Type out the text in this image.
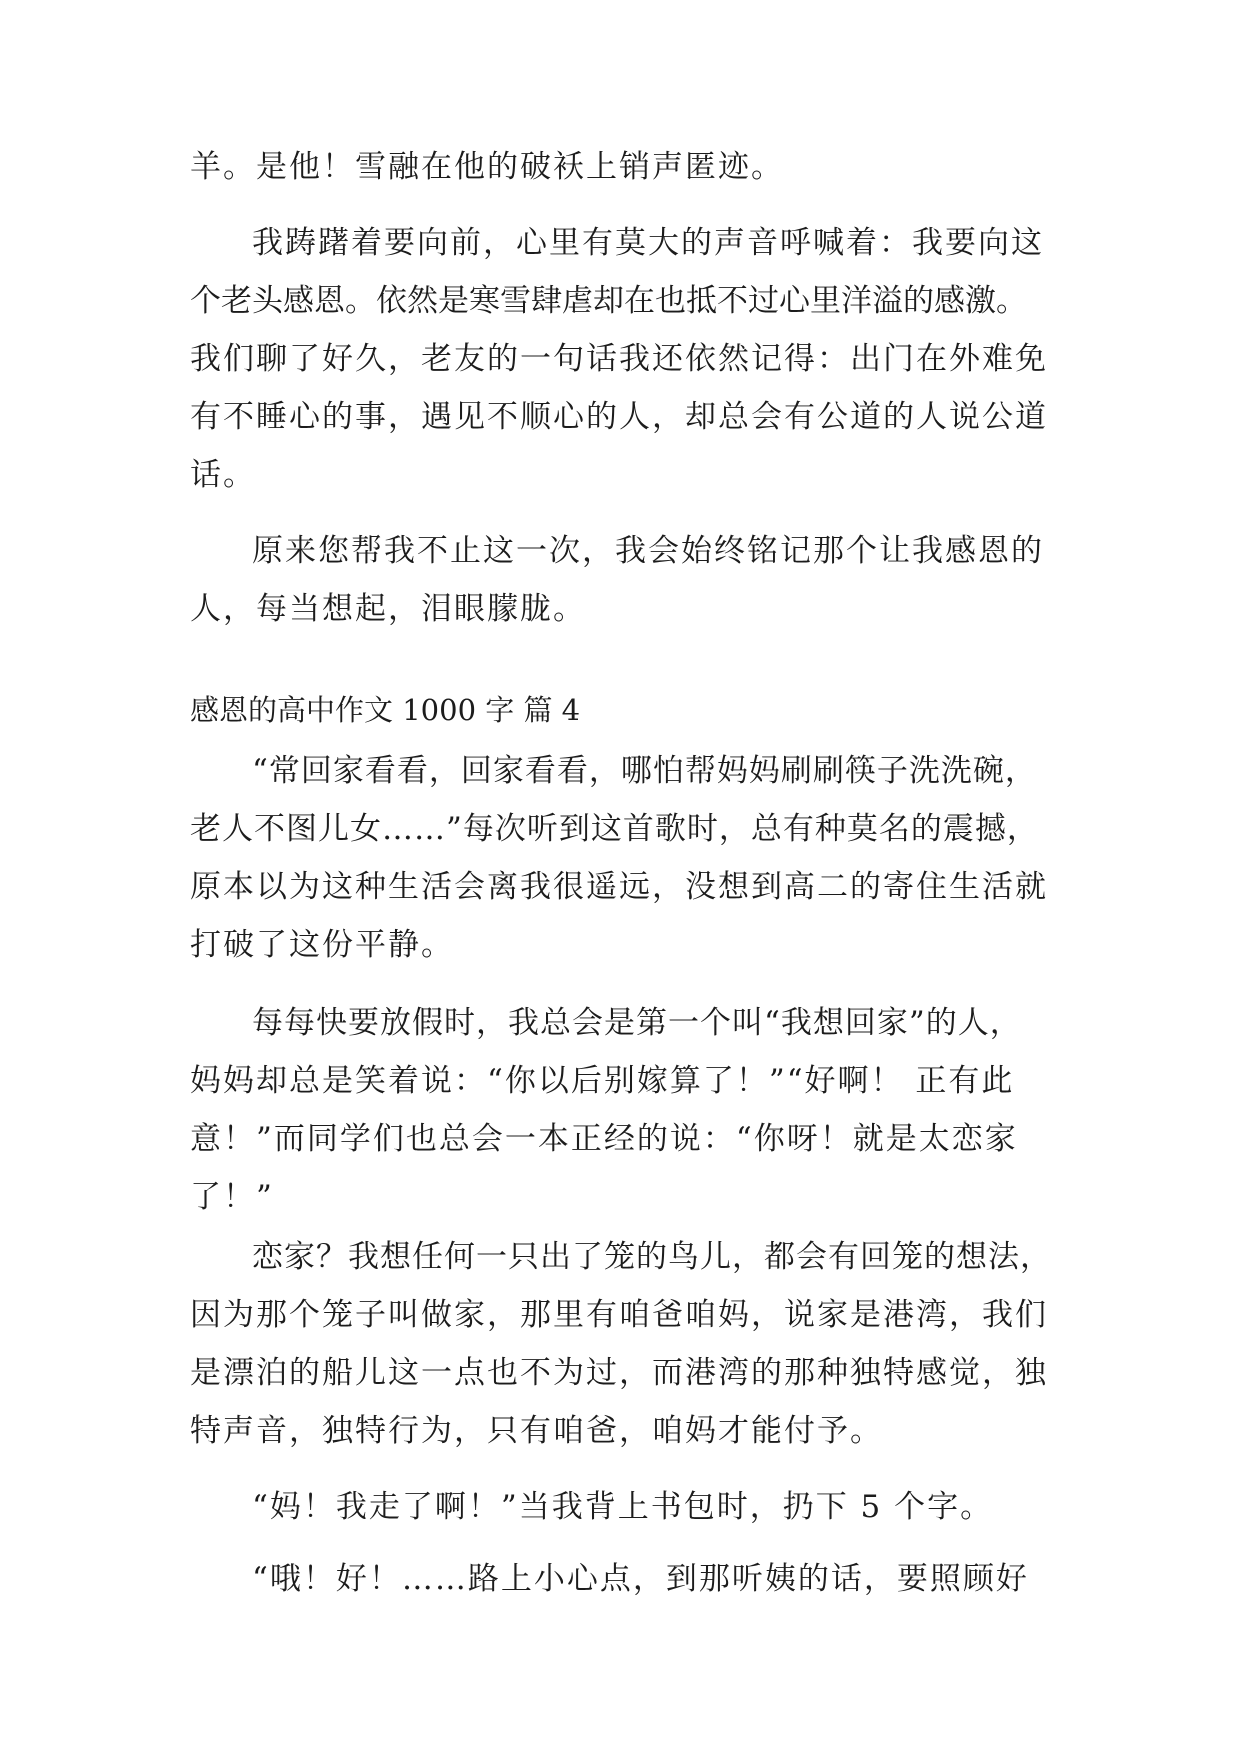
羊。是他！雪融在他的破袄上销声匿迹。
我踌躇着要向前，心里有莫大的声音呼喊着：我要向这
个老头感恩。依然是寒雪肆虐却在也抵不过心里洋溢的感激。
我们聊了好久，老友的一句话我还依然记得：出门在外难免
有不睡心的事，遇见不顺心的人，却总会有公道的人说公道
话。
原来您帮我不止这一次，我会始终铭记那个让我感恩的
人，每当想起，泪眼朦胧。
感恩的高中作文 1000 字 篇 4
“常回家看看，回家看看，哪怕帮妈妈刷刷筷子洗洗碗，
老人不图儿女……”每次听到这首歌时，总有种莫名的震撼，
原本以为这种生活会离我很遥远，没想到高二的寄住生活就
打破了这份平静。
每每快要放假时，我总会是第一个叫“我想回家”的人，
妈妈却总是笑着说：“你以后别嫁算了！”“好啊！ 正有此
意！”而同学们也总会一本正经的说：“你呀！就是太恋家
了！”
恋家？我想任何一只出了笼的鸟儿，都会有回笼的想法，
因为那个笼子叫做家，那里有咱爸咱妈，说家是港湾，我们
是漂泊的船儿这一点也不为过，而港湾的那种独特感觉，独
特声音，独特行为，只有咱爸，咱妈才能付予。
“妈！我走了啊！”当我背上书包时，扔下 5 个字。
“哦！好！……路上小心点，到那听姨的话，要照顾好
